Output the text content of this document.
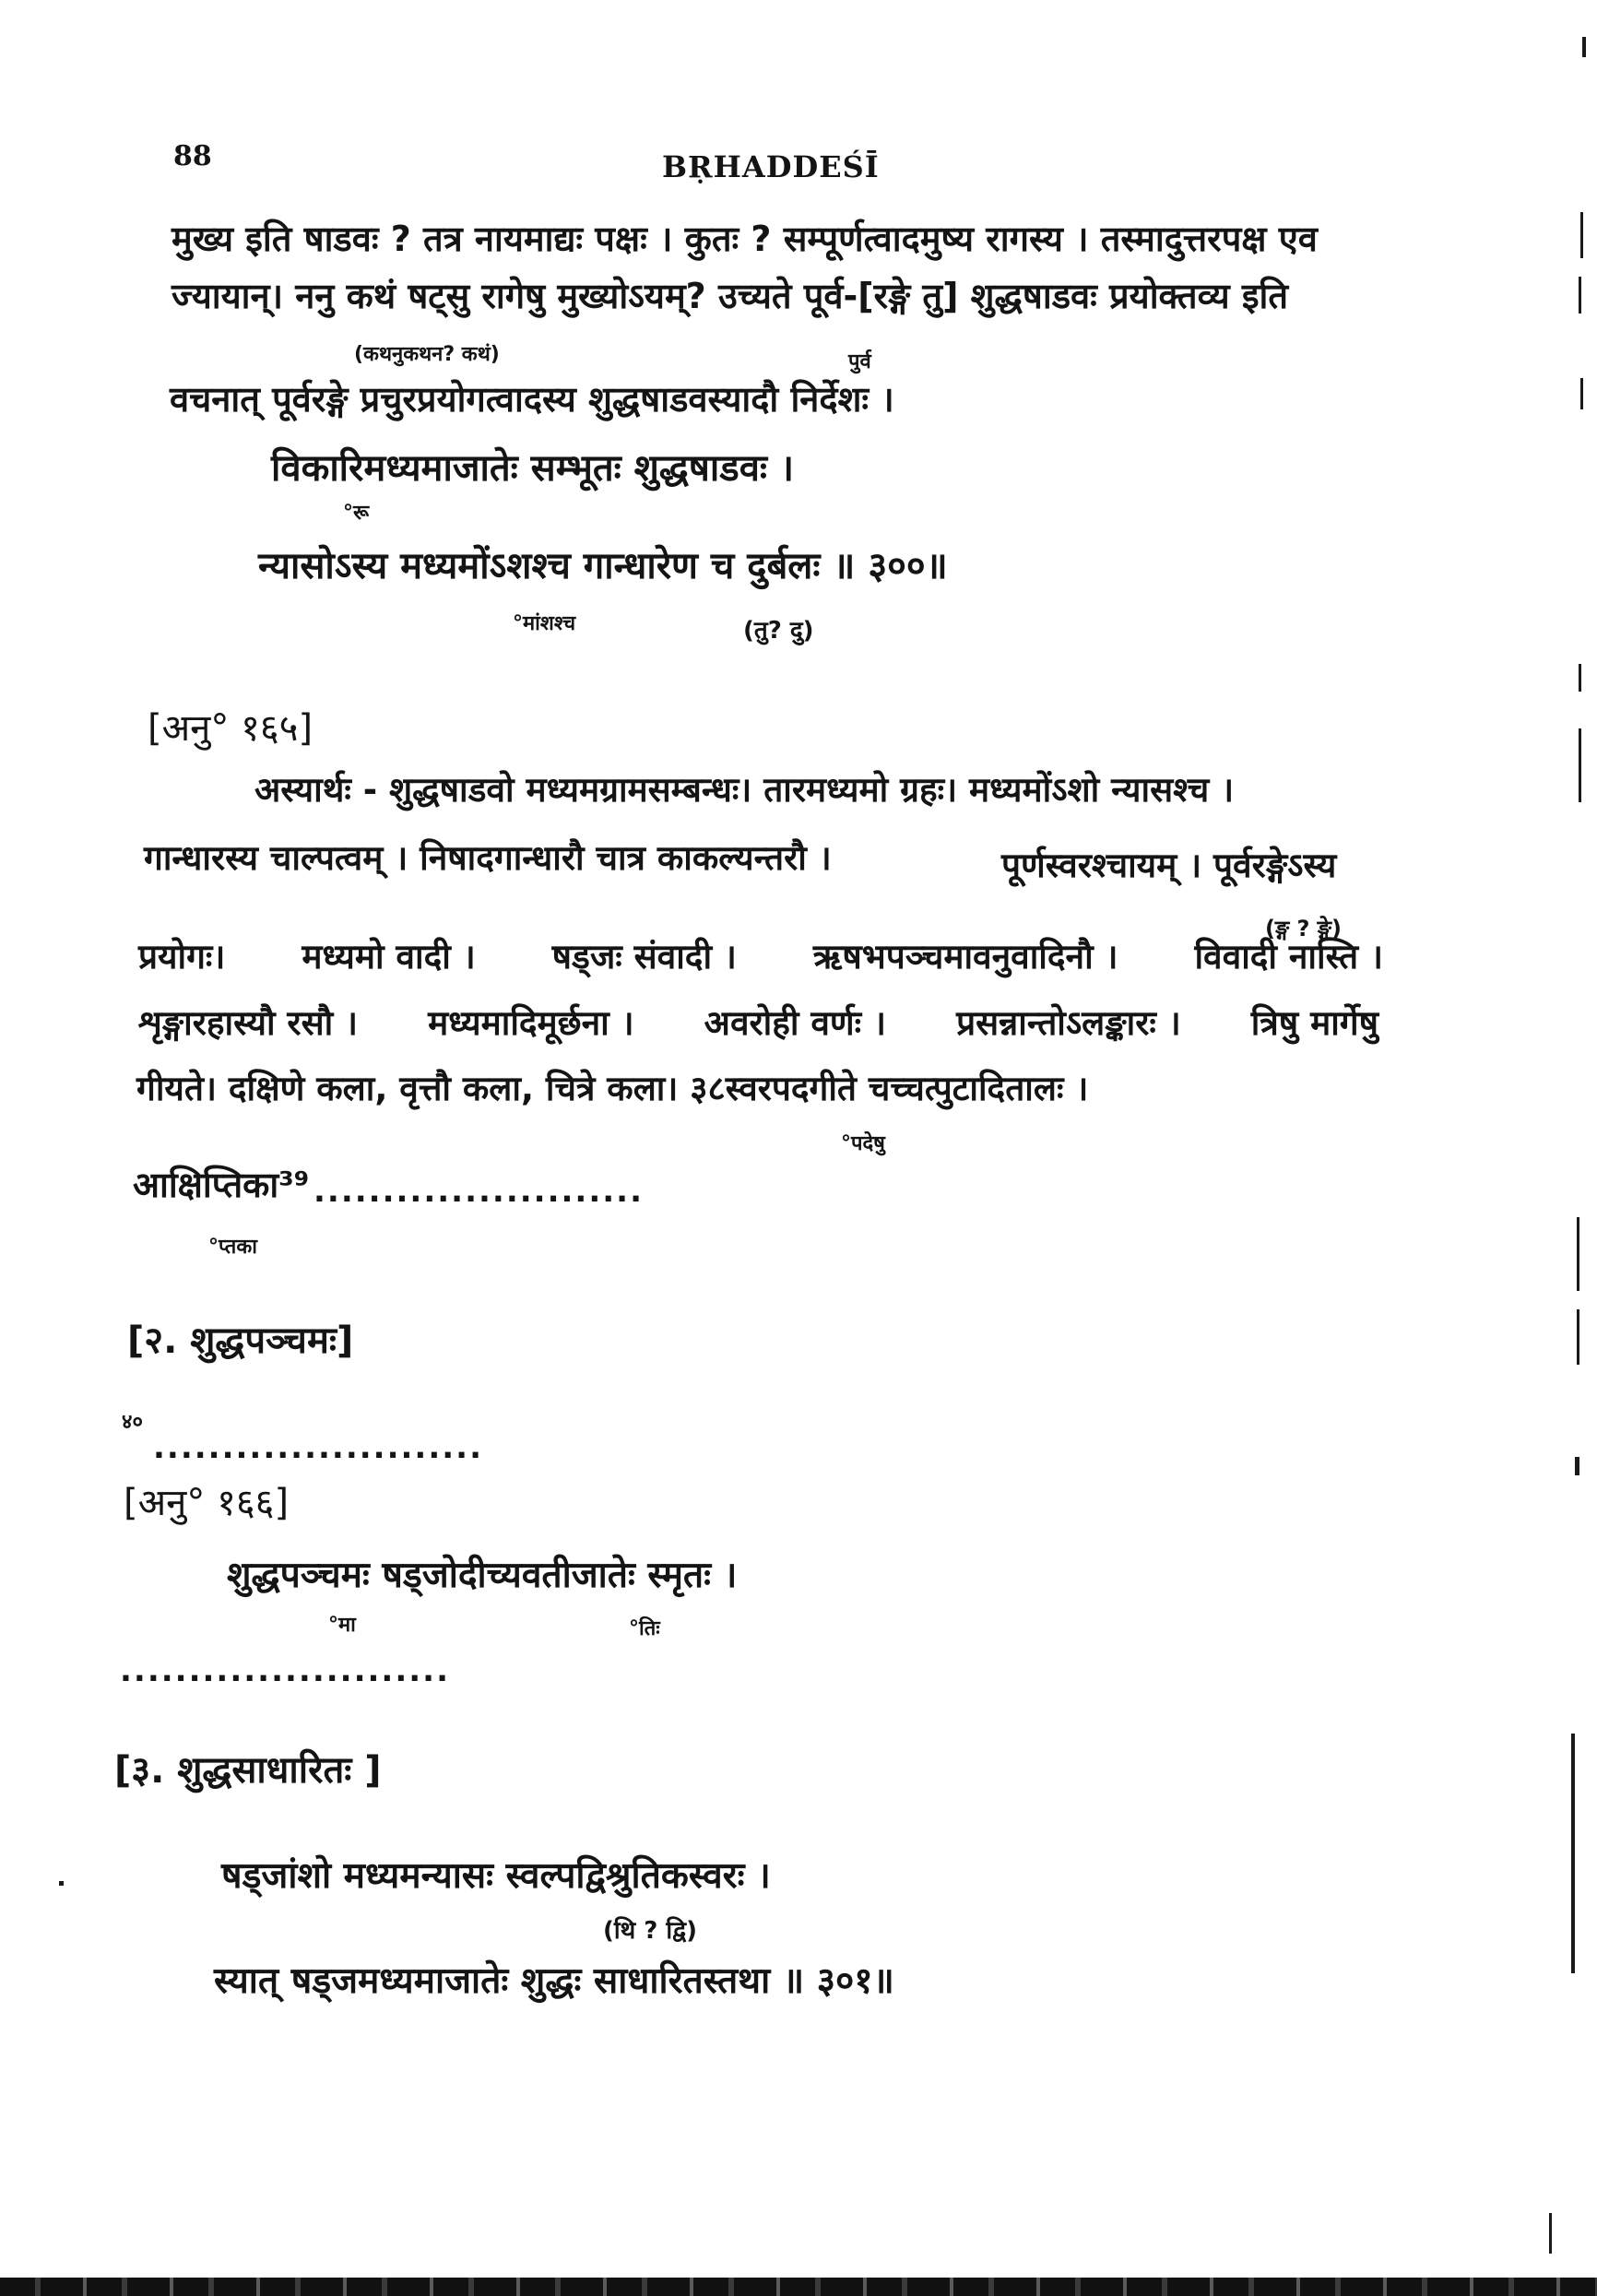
88	BṚHADDEŚĪ
मुख्य इति षाडवः ? तत्र नायमाद्यः पक्षः । कुतः ? सम्पूर्णत्वादमुष्य रागस्य । तस्मादुत्तरपक्ष एव
ज्यायान्। ननु कथं षट्सु रागेषु मुख्योऽयम्? उच्यते पूर्व-[रङ्गे तु] शुद्धषाडवः प्रयोक्तव्य इति
(कथनुकथन? कथं)	पुर्व
वचनात् पूर्वरङ्गे प्रचुरप्रयोगत्वादस्य शुद्धषाडवस्यादौ निर्देशः ।
विकारिमध्यमाजातेः सम्भूतः शुद्धषाडवः ।
°रू
न्यासोऽस्य मध्यमोंऽशश्च गान्धारेण च दुर्बलः ॥ ३००॥
°मांशश्च	(तु? दु)
[अनु° १६५]
अस्यार्थः - शुद्धषाडवो मध्यमग्रामसम्बन्धः। तारमध्यमो ग्रहः। मध्यमोंऽशो न्यासश्च ।
गान्धारस्य चाल्पत्वम् । निषादगान्धारौ चात्र काकल्यन्तरौ ।	पूर्णस्वरश्चायम् । पूर्वरङ्गेऽस्य
(ङ्ग ? ङ्गे)
प्रयोगः। मध्यमो वादी । षड्जः संवादी । ऋषभपञ्चमावनुवादिनौ । विवादी नास्ति ।
शृङ्गारहास्यौ रसौ । मध्यमादिमूर्छना । अवरोही वर्णः । प्रसन्नान्तोऽलङ्कारः । त्रिषु मार्गेषु
गीयते। दक्षिणे कला, वृत्तौ कला, चित्रे कला। ३८स्वरपदगीते चच्चत्पुटादितालः ।
°पदेषु
आक्षिप्तिका³⁹ ........................
°प्तका
[२. शुद्धपञ्चमः]
४०
........................
[अनु° १६६]
शुद्धपञ्चमः षड्जोदीच्यवतीजातेः स्मृतः ।
°मा	°तिः
........................
[३. शुद्धसाधारितः ]
षड्जांशो मध्यमन्यासः स्वल्पद्विश्रुतिकस्वरः ।
(थि ? द्वि)
स्यात् षड्जमध्यमाजातेः शुद्धः साधारितस्तथा ॥ ३०१॥
